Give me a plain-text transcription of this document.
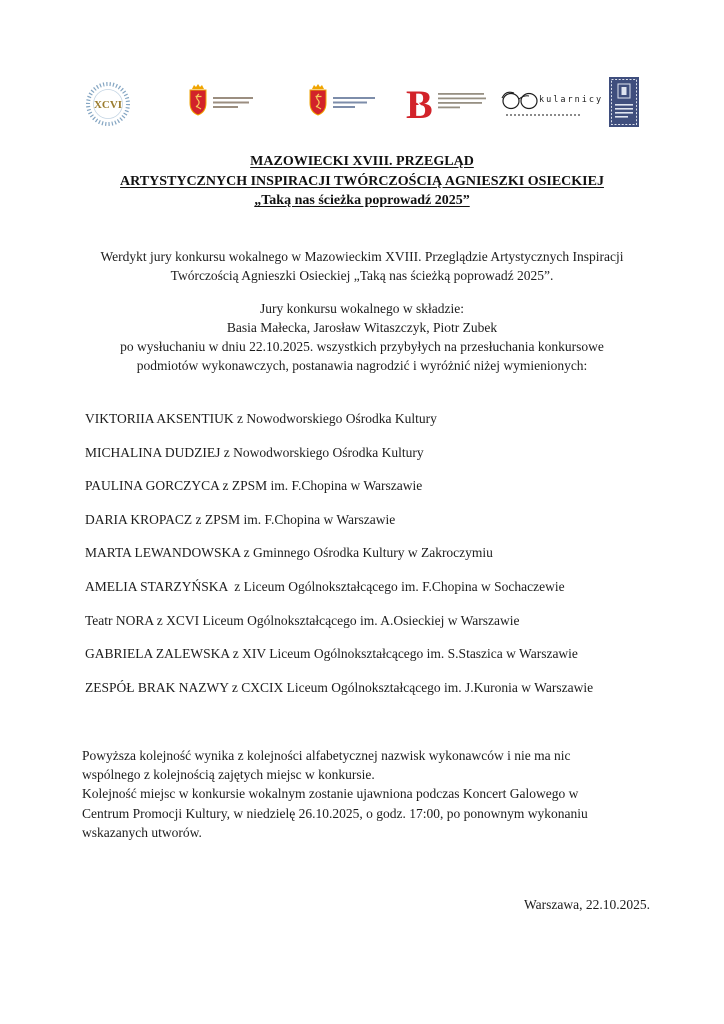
XCVI	B	kularnicy
MAZOWIECKI XVIII. PRZEGLĄD
ARTYSTYCZNYCH INSPIRACJI TWÓRCZOŚCIĄ AGNIESZKI OSIECKIEJ
„Taką nas ścieżka poprowadź 2025”
Werdykt jury konkursu wokalnego w Mazowieckim XVIII. Przeglądzie Artystycznych Inspiracji
Twórczością Agnieszki Osieckiej „Taką nas ścieżką poprowadź 2025”.
Jury konkursu wokalnego w składzie:
Basia Małecka, Jarosław Witaszczyk, Piotr Zubek
po wysłuchaniu w dniu 22.10.2025. wszystkich przybyłych na przesłuchania konkursowe
podmiotów wykonawczych, postanawia nagrodzić i wyróżnić niżej wymienionych:
VIKTORIIA AKSENTIUK z Nowodworskiego Ośrodka Kultury
MICHALINA DUDZIEJ z Nowodworskiego Ośrodka Kultury
PAULINA GORCZYCA z ZPSM im. F.Chopina w Warszawie
DARIA KROPACZ z ZPSM im. F.Chopina w Warszawie
MARTA LEWANDOWSKA z Gminnego Ośrodka Kultury w Zakroczymiu
AMELIA STARZYŃSKA  z Liceum Ogólnokształcącego im. F.Chopina w Sochaczewie
Teatr NORA z XCVI Liceum Ogólnokształcącego im. A.Osieckiej w Warszawie
GABRIELA ZALEWSKA z XIV Liceum Ogólnokształcącego im. S.Staszica w Warszawie
ZESPÓŁ BRAK NAZWY z CXCIX Liceum Ogólnokształcącego im. J.Kuronia w Warszawie
Powyższa kolejność wynika z kolejności alfabetycznej nazwisk wykonawców i nie ma nic
wspólnego z kolejnością zajętych miejsc w konkursie.
Kolejność miejsc w konkursie wokalnym zostanie ujawniona podczas Koncert Galowego w
Centrum Promocji Kultury, w niedzielę 26.10.2025, o godz. 17:00, po ponownym wykonaniu
wskazanych utworów.
Warszawa, 22.10.2025.
